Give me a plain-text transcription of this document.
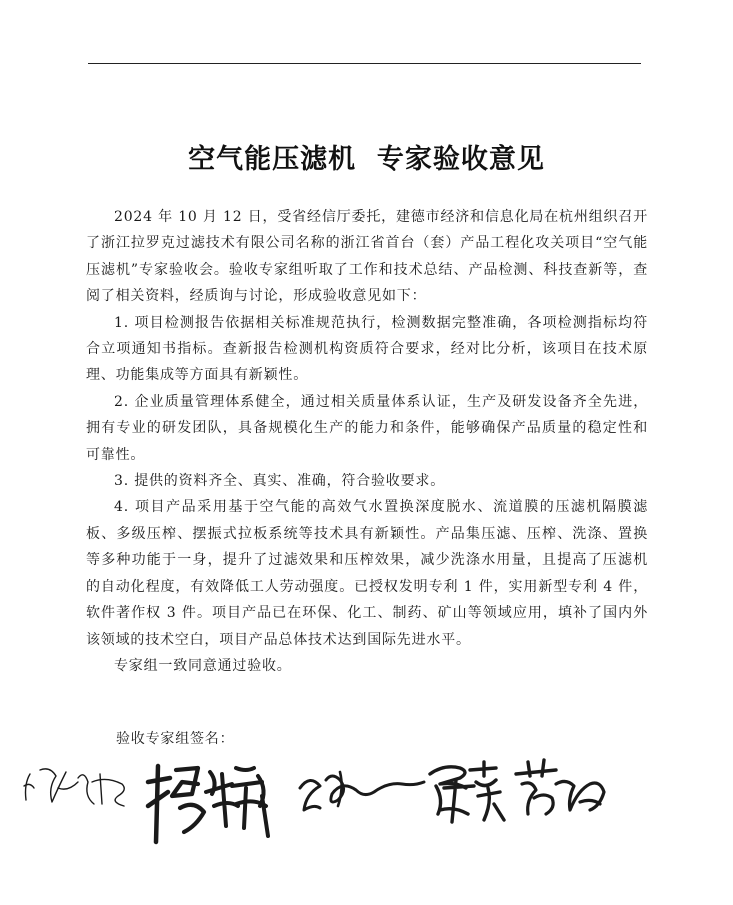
空气能压滤机  专家验收意见

2024 年 10 月 12 日，受省经信厅委托，建德市经济和信息化局在杭州组织召开了浙江拉罗克过滤技术有限公司名称的浙江省首台（套）产品工程化攻关项目“空气能压滤机”专家验收会。验收专家组听取了工作和技术总结、产品检测、科技查新等，查阅了相关资料，经质询与讨论，形成验收意见如下：

1. 项目检测报告依据相关标准规范执行，检测数据完整准确，各项检测指标均符合立项通知书指标。查新报告检测机构资质符合要求，经对比分析，该项目在技术原理、功能集成等方面具有新颖性。

2. 企业质量管理体系健全，通过相关质量体系认证，生产及研发设备齐全先进，拥有专业的研发团队，具备规模化生产的能力和条件，能够确保产品质量的稳定性和可靠性。

3. 提供的资料齐全、真实、准确，符合验收要求。

4. 项目产品采用基于空气能的高效气水置换深度脱水、流道膜的压滤机隔膜滤板、多级压榨、摆振式拉板系统等技术具有新颖性。产品集压滤、压榨、洗涤、置换等多种功能于一身，提升了过滤效果和压榨效果，减少洗涤水用量，且提高了压滤机的自动化程度，有效降低工人劳动强度。已授权发明专利 1 件，实用新型专利 4 件，软件著作权 3 件。项目产品已在环保、化工、制药、矿山等领域应用，填补了国内外该领域的技术空白，项目产品总体技术达到国际先进水平。

专家组一致同意通过验收。

验收专家组签名：
